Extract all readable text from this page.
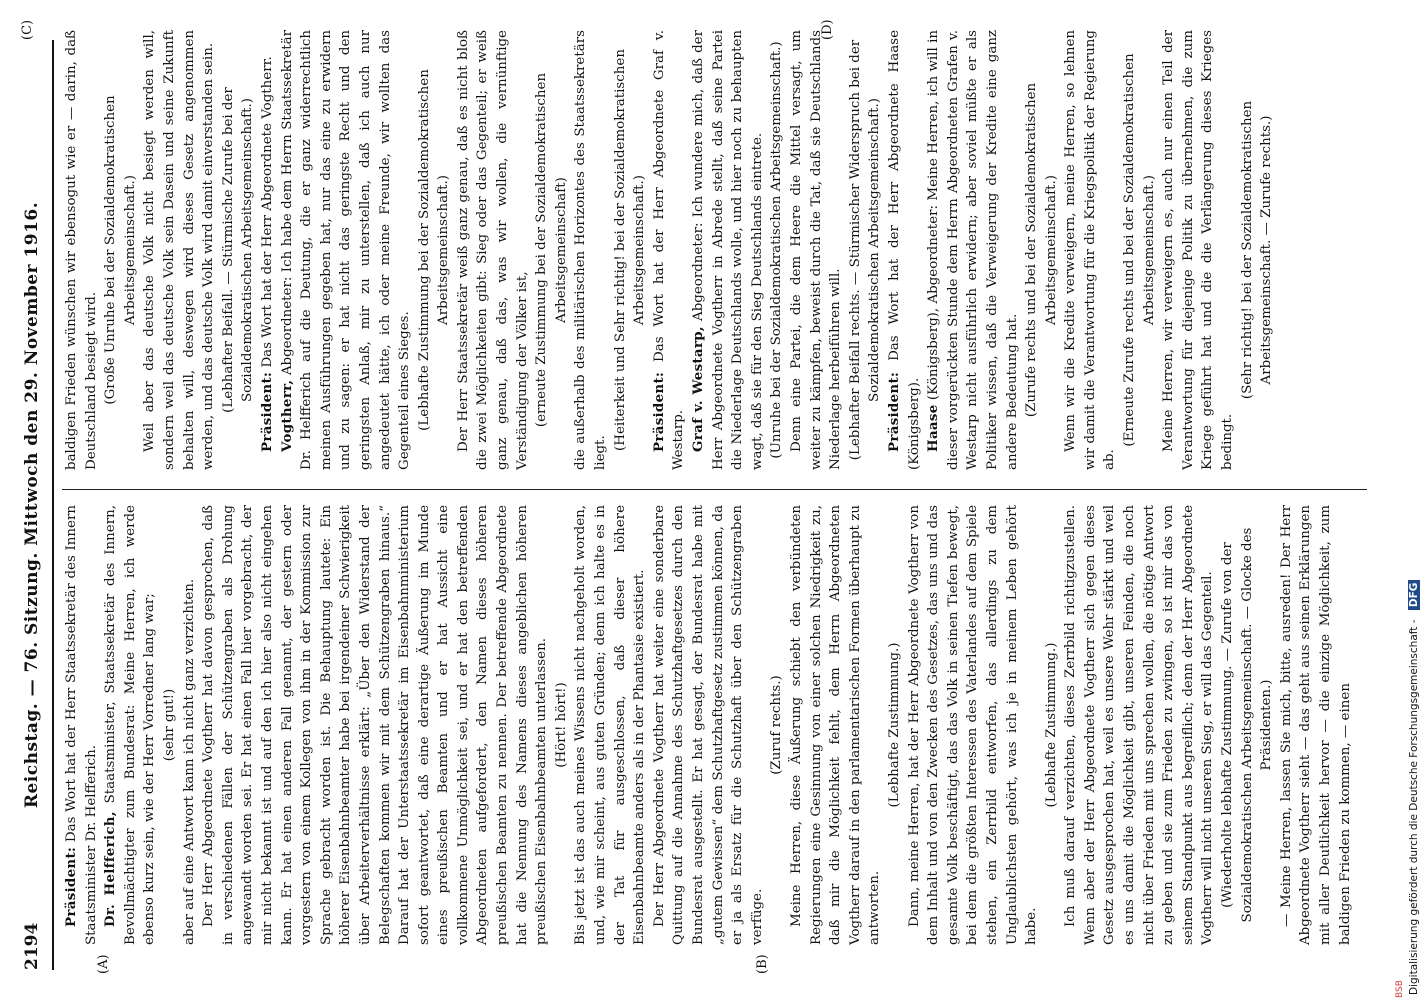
2194
Reichstag. — 76. Sitzung. Mittwoch den 29. November 1916.
(A)	(B)
(C)	(D)
Präsident: Das Wort hat der Herr Staatssekretär des Innern Staatsminister Dr. Helfferich. Dr. Helfferich, Staatsminister, Staatssekretär des Innern, Bevollmächtigter zum Bundesrat: Meine Herren, ich werde ebenso kurz sein, wie der Herr Vorredner lang war; (sehr gut!) aber auf eine Antwort kann ich nicht ganz verzichten. Der Herr Abgeordnete Vogtherr hat davon gesprochen, daß in verschiedenen Fällen der Schützengraben als Drohung angewandt worden sei. Er hat einen Fall hier vorgebracht, der mir nicht bekannt ist und auf den ich hier also nicht eingehen kann. Er hat einen anderen Fall genannt, der gestern oder vorgestern von einem Kollegen von ihm in der Kommission zur Sprache gebracht worden ist. Die Behauptung lautete: Ein höherer Eisenbahnbeamter habe bei irgendeiner Schwierigkeit über Arbeiterverhältnisse erklärt: „Über den Widerstand der Belegschaften kommen wir mit dem Schützengraben hinaus.“ Darauf hat der Unterstaatssekretär im Eisenbahnministerium sofort geantwortet, daß eine derartige Äußerung im Munde eines preußischen Beamten und er hat Aussicht eine vollkommene Unmöglichkeit sei, und er hat den betreffenden Abgeordneten aufgefordert, den Namen dieses höheren preußischen Beamten zu nennen. Der betreffende Abgeordnete hat die Nennung des Namens dieses angeblichen höheren preußischen Eisenbahnbeamten unterlassen. (Hört! hört!) Bis jetzt ist das auch meines Wissens nicht nachgeholt worden, und, wie mir scheint, aus guten Gründen; denn ich halte es in der Tat für ausgeschlossen, daß dieser höhere Eisenbahnbeamte anders als in der Phantasie existiert. Der Herr Abgeordnete Vogtherr hat weiter eine sonderbare Quittung auf die Annahme des Schutzhaftgesetzes durch den Bundesrat ausgestellt. Er hat gesagt, der Bundesrat habe mit „gutem Gewissen“ dem Schutzhaftgesetz zustimmen können, da er ja als Ersatz für die Schutzhaft über den Schützengraben verfüge.
(Zuruf rechts.) Meine Herren, diese Äußerung schiebt den verbündeten Regierungen eine Gesinnung von einer solchen Niedrigkeit zu, daß mir die Möglichkeit fehlt, dem Herrn Abgeordneten Vogtherr darauf in den parlamentarischen Formen überhaupt zu antworten.
(Lebhafte Zustimmung.) Dann, meine Herren, hat der Herr Abgeordnete Vogtherr von dem Inhalt und von den Zwecken des Gesetzes, das uns und das gesamte Volk beschäftigt, das das Volk in seinen Tiefen bewegt, bei dem die größten Interessen des Vaterlandes auf dem Spiele stehen, ein Zerrbild entworfen, das allerdings zu dem Unglaublichsten gehört, was ich je in meinem Leben gehört habe.
(Lebhafte Zustimmung.) Ich muß darauf verzichten, dieses Zerrbild richtigzustellen. Wenn aber der Herr Abgeordnete Vogtherr sich gegen dieses Gesetz ausgesprochen hat, weil es unsere Wehr stärkt und weil es uns damit die Möglichkeit gibt, unseren Feinden, die noch nicht über Frieden mit uns sprechen wollen, die nötige Antwort zu geben und sie zum Frieden zu zwingen, so ist mir das von seinem Standpunkt aus begreiflich; denn der Herr Abgeordnete Vogtherr will nicht unseren Sieg, er will das Gegenteil. (Wiederholte lebhafte Zustimmung. — Zurufe von der Sozialdemokratischen Arbeitsgemeinschaft. — Glocke des Präsidenten.) — Meine Herren, lassen Sie mich, bitte, ausreden! Der Herr Abgeordnete Vogtherr sieht — das geht aus seinen Erklärungen mit aller Deutlichkeit hervor — die einzige Möglichkeit, zum baldigen Frieden zu kommen, — einen
baldigen Frieden wünschen wir ebensogut wie er — darin, daß Deutschland besiegt wird. (Große Unruhe bei der Sozialdemokratischen Arbeitsgemeinschaft.) Weil aber das deutsche Volk nicht besiegt werden will, sondern weil das deutsche Volk sein Dasein und seine Zukunft behalten will, deswegen wird dieses Gesetz angenommen werden, und das deutsche Volk wird damit einverstanden sein. (Lebhafter Beifall. — Stürmische Zurufe bei der Sozialdemokratischen Arbeitsgemeinschaft.)
Präsident: Das Wort hat der Herr Abgeordnete Vogtherr.
Vogtherr, Abgeordneter: Ich habe dem Herrn Staatssekretär Dr. Helfferich auf die Deutung, die er ganz widerrechtlich meinen Ausführungen gegeben hat, nur das eine zu erwidern und zu sagen: er hat nicht das geringste Recht und den geringsten Anlaß, mir zu unterstellen, daß ich auch nur angedeutet hätte, ich oder meine Freunde, wir wollten das Gegenteil eines Sieges. (Lebhafte Zustimmung bei der Sozialdemokratischen Arbeitsgemeinschaft.) Der Herr Staatssekretär weiß ganz genau, daß es nicht bloß die zwei Möglichkeiten gibt: Sieg oder das Gegenteil; er weiß ganz genau, daß das, was wir wollen, die vernünftige Verständigung der Völker ist, (erneute Zustimmung bei der Sozialdemokratischen Arbeitsgemeinschaft) die außerhalb des militärischen Horizontes des Staatssekretärs liegt.
(Heiterkeit und Sehr richtig! bei der Sozialdemokratischen Arbeitsgemeinschaft.)
Präsident: Das Wort hat der Herr Abgeordnete Graf v. Westarp. Graf v. Westarp, Abgeordneter: Ich wundere mich, daß der Herr Abgeordnete Vogtherr in Abrede stellt, daß seine Partei die Niederlage Deutschlands wolle, und hier noch zu behaupten wagt, daß sie für den Sieg Deutschlands eintrete. (Unruhe bei der Sozialdemokratischen Arbeitsgemeinschaft.) Denn eine Partei, die dem Heere die Mittel versagt, um weiter zu kämpfen, beweist durch die Tat, daß sie Deutschlands Niederlage herbeiführen will. (Lebhafter Beifall rechts. — Stürmischer Widerspruch bei der Sozialdemokratischen Arbeitsgemeinschaft.)
Präsident: Das Wort hat der Herr Abgeordnete Haase (Königsberg). Haase (Königsberg), Abgeordneter: Meine Herren, ich will in dieser vorgerückten Stunde dem Herrn Abgeordneten Grafen v. Westarp nicht ausführlich erwidern; aber soviel müßte er als Politiker wissen, daß die Verweigerung der Kredite eine ganz andere Bedeutung hat. (Zurufe rechts und bei der Sozialdemokratischen Arbeitsgemeinschaft.) Wenn wir die Kredite verweigern, meine Herren, so lehnen wir damit die Verantwortung für die Kriegspolitik der Regierung ab.
(Erneute Zurufe rechts und bei der Sozialdemokratischen Arbeitsgemeinschaft.) Meine Herren, wir verweigern es, auch nur einen Teil der Verantwortung für diejenige Politik zu übernehmen, die zum Kriege geführt hat und die die Verlängerung dieses Krieges bedingt.
(Sehr richtig! bei der Sozialdemokratischen Arbeitsgemeinschaft. — Zurufe rechts.)
BSB Digitalisierung gefördert durch die Deutsche Forschungsgemeinschaft - DFG
